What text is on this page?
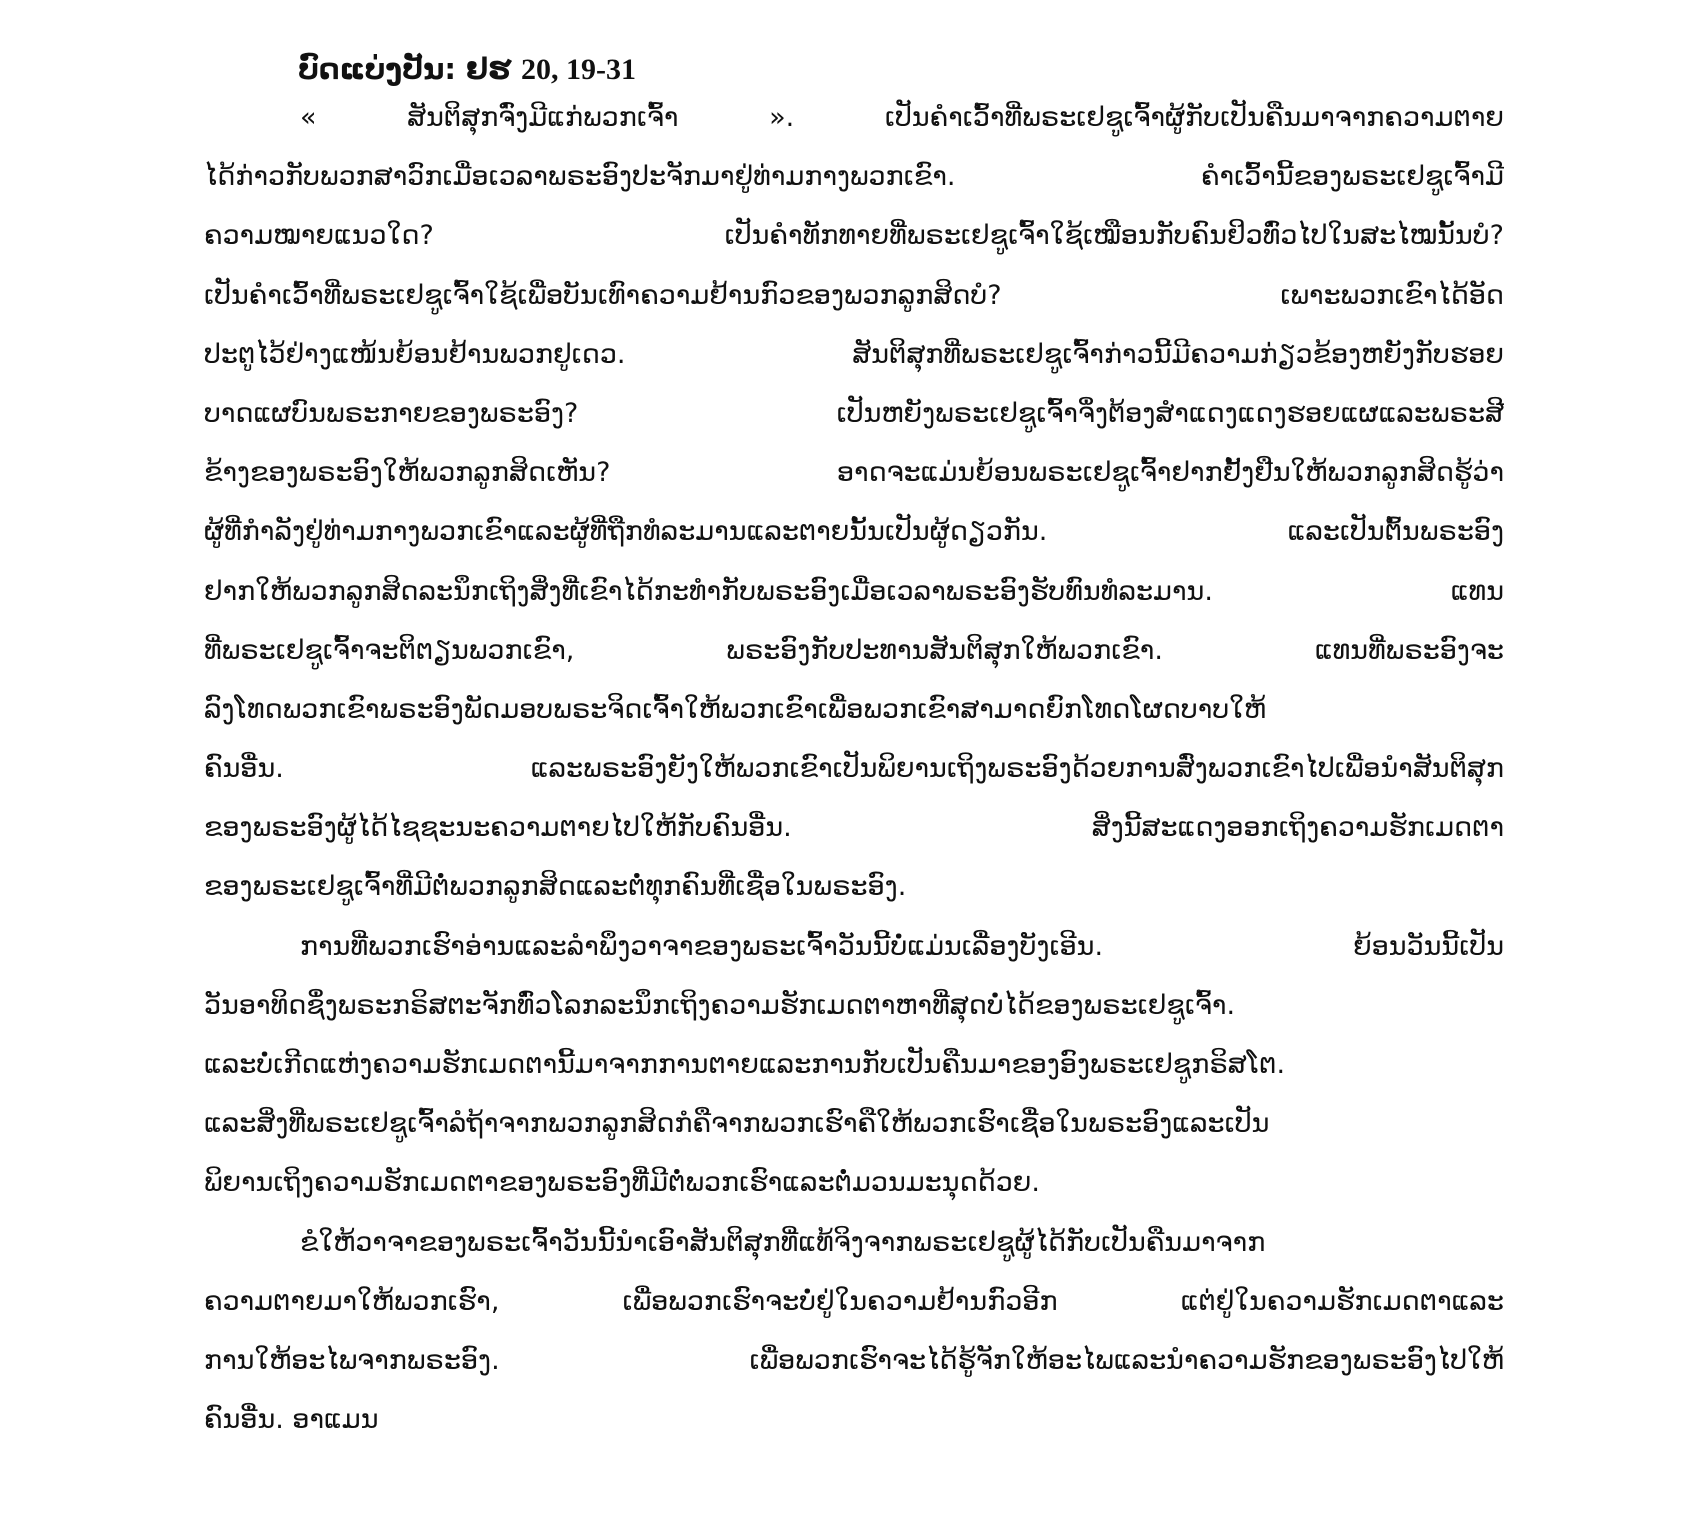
ບົດແບ່ງປັນ: ຢຮ 20, 19-31
« ສັນຕິສຸກຈົ່ງມີແກ່ພວກເຈົ້າ ». ເປັນຄໍາເວົ້າທີ່ພຣະເຢຊູເຈົ້າຜູ້ກັບເປັນຄືນມາຈາກຄວາມຕາຍ
ໄດ້ກ່າວກັບພວກສາວົກເມື່ອເວລາພຣະອົງປະຈັກມາຢູ່ທ່າມກາງພວກເຂົາ. ຄໍາເວົ້ານີ້ຂອງພຣະເຢຊູເຈົ້າມີ
ຄວາມໝາຍແນວໃດ? ເປັນຄໍາທັກທາຍທີ່ພຣະເຢຊູເຈົ້າໃຊ້ເໝືອນກັບຄົນຢິວທົ່ວໄປໃນສະໄໝນັ້ນບໍ?
ເປັນຄໍາເວົ້າທີ່ພຣະເຢຊູເຈົ້າໃຊ້ເພື່ອບັນເທົາຄວາມຢ້ານກົວຂອງພວກລູກສິດບໍ? ເພາະພວກເຂົາໄດ້ອັດ
ປະຕູໄວ້ຢ່າງແໜ້ນຍ້ອນຢ້ານພວກຢູເດວ. ສັນຕິສຸກທີ່ພຣະເຢຊູເຈົ້າກ່າວນີ້ມີຄວາມກ່ຽວຂ້ອງຫຍັງກັບຮອຍ
ບາດແຜບົນພຣະກາຍຂອງພຣະອົງ? ເປັນຫຍັງພຣະເຢຊູເຈົ້າຈຶ່ງຕ້ອງສໍາແດງແດງຮອຍແຜແລະພຣະສີ
ຂ້າງຂອງພຣະອົງໃຫ້ພວກລູກສິດເຫັນ? ອາດຈະແມ່ນຍ້ອນພຣະເຢຊູເຈົ້າຢາກຢັ້ງຢືນໃຫ້ພວກລູກສິດຮູ້ວ່າ
ຜູ້ທີ່ກໍາລັງຢູ່ທ່າມກາງພວກເຂົາແລະຜູ້ທີ່ຖືກທໍລະມານແລະຕາຍນັ້ນເປັນຜູ້ດຽວກັນ. ແລະເປັນຕົ້ນພຣະອົງ
ຢາກໃຫ້ພວກລູກສິດລະນຶກເຖິງສິ່ງທີ່ເຂົາໄດ້ກະທໍາກັບພຣະອົງເມື່ອເວລາພຣະອົງຮັບທົນທໍລະມານ. ແທນ
ທີ່ພຣະເຢຊູເຈົ້າຈະຕິຕຽນພວກເຂົາ, ພຣະອົງກັບປະທານສັນຕິສຸກໃຫ້ພວກເຂົາ. ແທນທີ່ພຣະອົງຈະ
ລົງໂທດພວກເຂົາພຣະອົງພັດມອບພຣະຈິດເຈົ້າໃຫ້ພວກເຂົາເພື່ອພວກເຂົາສາມາດຍົກໂທດໂຜດບາບໃຫ້
ຄົນອື່ນ. ແລະພຣະອົງຍັງໃຫ້ພວກເຂົາເປັນພິຍານເຖິງພຣະອົງດ້ວຍການສົ່ງພວກເຂົາໄປເພື່ອນໍາສັນຕິສຸກ
ຂອງພຣະອົງຜູ້ໄດ້ໄຊຊະນະຄວາມຕາຍໄປໃຫ້ກັບຄົນອື່ນ. ສິ່ງນີ້ສະແດງອອກເຖິງຄວາມຮັກເມດຕາ
ຂອງພຣະເຢຊູເຈົ້າທີ່ມີຕໍ່ພວກລູກສິດແລະຕໍ່ທຸກຄົນທີ່ເຊື່ອໃນພຣະອົງ.
ການທີ່ພວກເຮົາອ່ານແລະລໍາພຶງວາຈາຂອງພຣະເຈົ້າວັນນີ້ບໍ່ແມ່ນເລື່ອງບັງເອີນ. ຍ້ອນວັນນີ້ເປັນ
ວັນອາທິດຊຶ່ງພຣະກຣິສຕະຈັກທົ່ວໂລກລະນຶກເຖິງຄວາມຮັກເມດຕາຫາທີ່ສຸດບໍ່ໄດ້ຂອງພຣະເຢຊູເຈົ້າ.
ແລະບໍ່ເກີດແຫ່ງຄວາມຮັກເມດຕານີ້ມາຈາກການຕາຍແລະການກັບເປັນຄືນມາຂອງອົງພຣະເຢຊູກຣິສໂຕ.
ແລະສິ່ງທີ່ພຣະເຢຊູເຈົ້າລໍຖ້າຈາກພວກລູກສິດກໍຄືຈາກພວກເຮົາຄືໃຫ້ພວກເຮົາເຊື່ອໃນພຣະອົງແລະເປັນ
ພິຍານເຖິງຄວາມຮັກເມດຕາຂອງພຣະອົງທີ່ມີຕໍ່ພວກເຮົາແລະຕໍ່ມວນມະນຸດດ້ວຍ.
ຂໍໃຫ້ວາຈາຂອງພຣະເຈົ້າວັນນີ້ນໍາເອົາສັນຕິສຸກທີ່ແທ້ຈິງຈາກພຣະເຢຊູຜູ້ໄດ້ກັບເປັນຄືນມາຈາກ
ຄວາມຕາຍມາໃຫ້ພວກເຮົາ, ເພື່ອພວກເຮົາຈະບໍ່ຢູ່ໃນຄວາມຢ້ານກົວອີກ ແຕ່ຢູ່ໃນຄວາມຮັກເມດຕາແລະ
ການໃຫ້ອະໄພຈາກພຣະອົງ. ເພື່ອພວກເຮົາຈະໄດ້ຮູ້ຈັກໃຫ້ອະໄພແລະນໍາຄວາມຮັກຂອງພຣະອົງໄປໃຫ້
ຄົນອື່ນ. ອາແມນ
